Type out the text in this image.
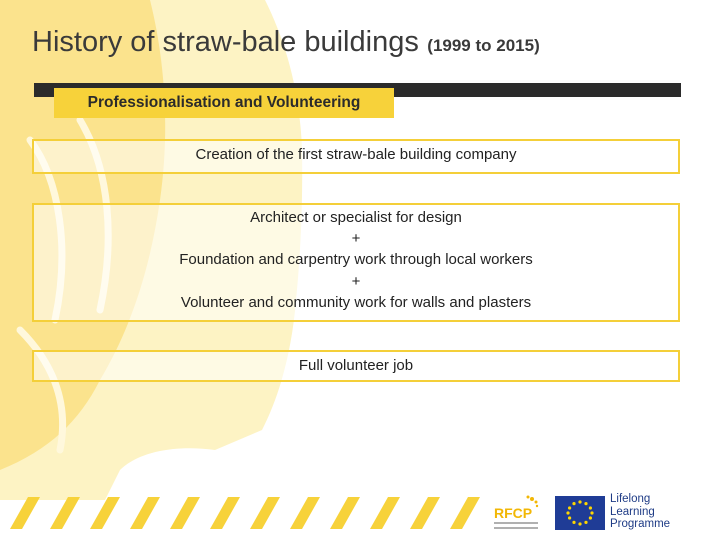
History of straw-bale buildings (1999 to 2015)
Professionalisation and Volunteering
Creation of the first straw-bale building company
Architect or specialist for design
+
Foundation and carpentry work through local workers
+
Volunteer and community work for walls and plasters
Full volunteer job
RFCP
Lifelong
Learning
Programme
